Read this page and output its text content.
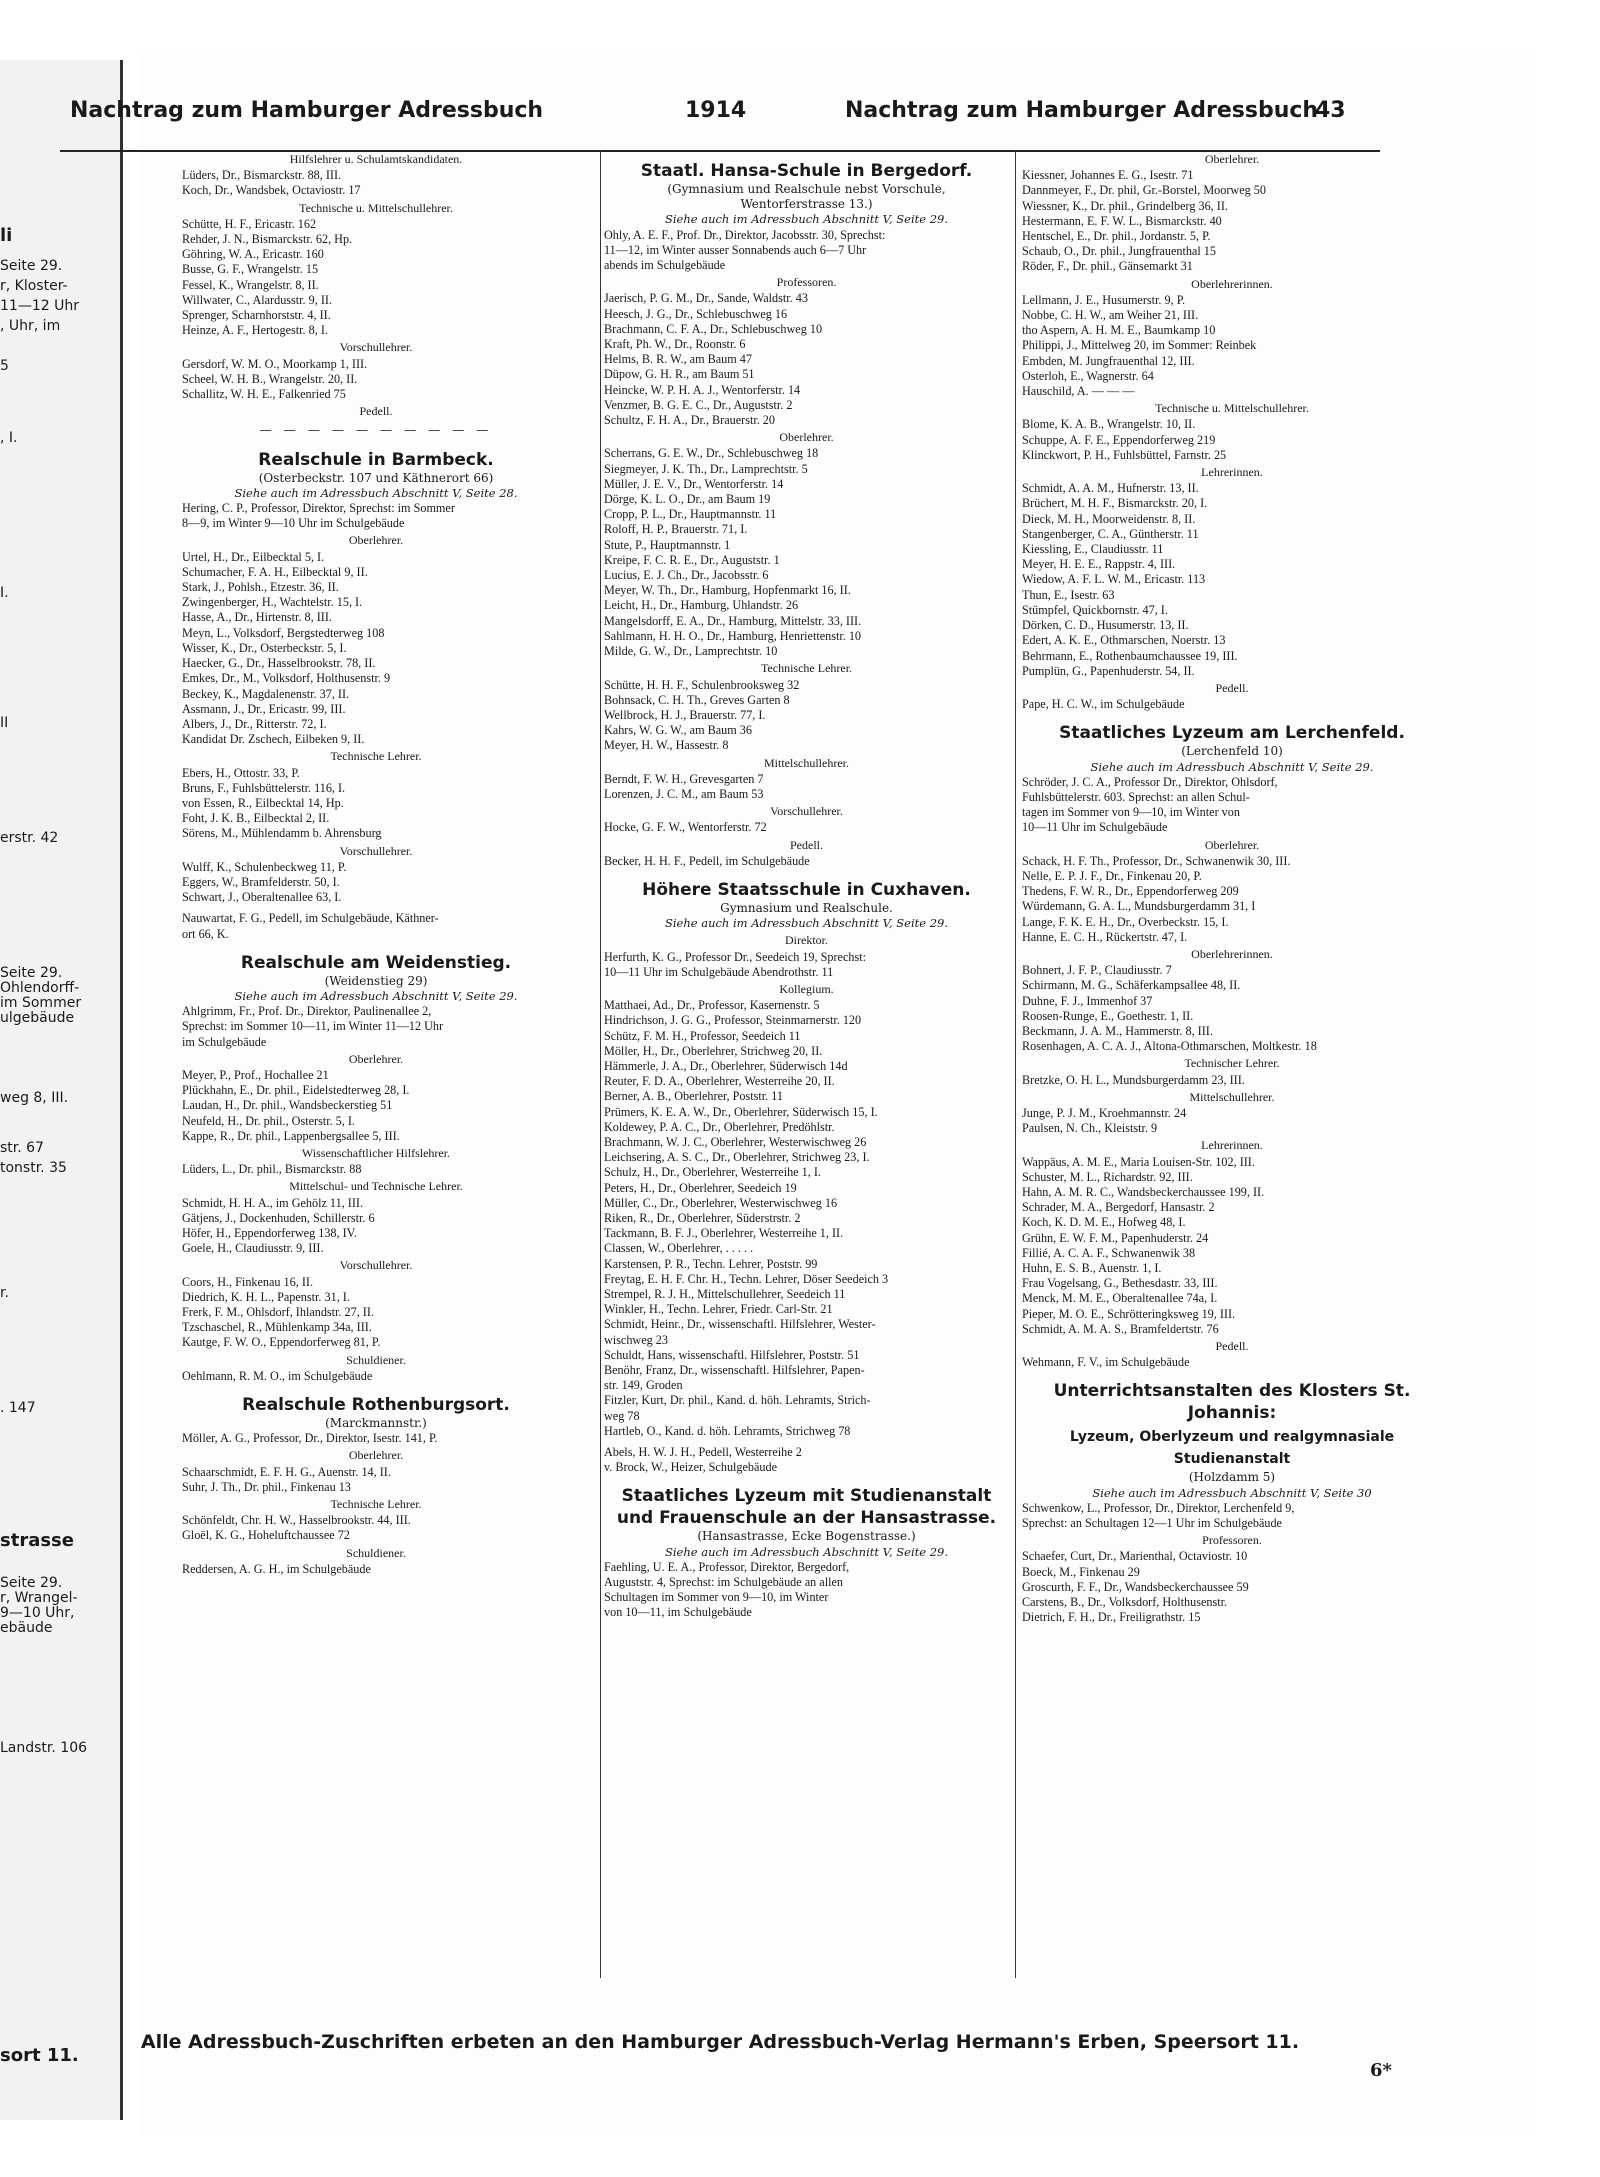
li
Seite 29.
r, Kloster-
11—12 Uhr
, Uhr, im
5
, I.
I.
II
erstr. 42
Seite 29.
Ohlendorff-
im Sommer
ulgebäude
weg 8, III.
str. 67
tonstr. 35
r.
. 147
strasse
Seite 29.
r, Wrangel-
9—10 Uhr,
ebäude
Landstr. 106
sort 11.
Nachtrag zum Hamburger Adressbuch	1914	Nachtrag zum Hamburger Adressbuch
43
Hilfslehrer u. Schulamtskandidaten.
Lüders, Dr., Bismarckstr. 88, III.
Koch, Dr., Wandsbek, Octaviostr. 17
Technische u. Mittelschullehrer.
Schütte, H. F., Ericastr. 162
Rehder, J. N., Bismarckstr. 62, Hp.
Göhring, W. A., Ericastr. 160
Busse, G. F., Wrangelstr. 15
Fessel, K., Wrangelstr. 8, II.
Willwater, C., Alardusstr. 9, II.
Sprenger, Scharnhorststr. 4, II.
Heinze, A. F., Hertogestr. 8, I.
Vorschullehrer.
Gersdorf, W. M. O., Moorkamp 1, III.
Scheel, W. H. B., Wrangelstr. 20, II.
Schallitz, W. H. E., Falkenried 75
Pedell.
— — — — — — — — — —
Realschule in Barmbeck.
(Osterbeckstr. 107 und Käthnerort 66)
Siehe auch im Adressbuch Abschnitt V, Seite 28.
Hering, C. P., Professor, Direktor, Sprechst: im Sommer
8—9, im Winter 9—10 Uhr im Schulgebäude
Oberlehrer.
Urtel, H., Dr., Eilbecktal 5, I.
Schumacher, F. A. H., Eilbecktal 9, II.
Stark, J., Pohlsh., Etzestr. 36, II.
Zwingenberger, H., Wachtelstr. 15, I.
Hasse, A., Dr., Hirtenstr. 8, III.
Meyn, L., Volksdorf, Bergstedterweg 108
Wisser, K., Dr., Osterbeckstr. 5, I.
Haecker, G., Dr., Hasselbrookstr. 78, II.
Emkes, Dr., M., Volksdorf, Holthusenstr. 9
Beckey, K., Magdalenenstr. 37, II.
Assmann, J., Dr., Ericastr. 99, III.
Albers, J., Dr., Ritterstr. 72, I.
Kandidat Dr. Zschech, Eilbeken 9, II.
Technische Lehrer.
Ebers, H., Ottostr. 33, P.
Bruns, F., Fuhlsbüttelerstr. 116, I.
von Essen, R., Eilbecktal 14, Hp.
Foht, J. K. B., Eilbecktal 2, II.
Sörens, M., Mühlendamm b. Ahrensburg
Vorschullehrer.
Wulff, K., Schulenbeckweg 11, P.
Eggers, W., Bramfelderstr. 50, I.
Schwart, J., Oberaltenallee 63, I.
Nauwartat, F. G., Pedell, im Schulgebäude, Käthner-
ort 66, K.
Realschule am Weidenstieg.
(Weidenstieg 29)
Siehe auch im Adressbuch Abschnitt V, Seite 29.
Ahlgrimm, Fr., Prof. Dr., Direktor, Paulinenallee 2,
Sprechst: im Sommer 10—11, im Winter 11—12 Uhr
im Schulgebäude
Oberlehrer.
Meyer, P., Prof., Hochallee 21
Plückhahn, E., Dr. phil., Eidelstedterweg 28, I.
Laudan, H., Dr. phil., Wandsbeckerstieg 51
Neufeld, H., Dr. phil., Osterstr. 5, I.
Kappe, R., Dr. phil., Lappenbergsallee 5, III.
Wissenschaftlicher Hilfslehrer.
Lüders, L., Dr. phil., Bismarckstr. 88
Mittelschul- und Technische Lehrer.
Schmidt, H. H. A., im Gehölz 11, III.
Gätjens, J., Dockenhuden, Schillerstr. 6
Höfer, H., Eppendorferweg 138, IV.
Goele, H., Claudiusstr. 9, III.
Vorschullehrer.
Coors, H., Finkenau 16, II.
Diedrich, K. H. L., Papenstr. 31, I.
Frerk, F. M., Ohlsdorf, Ihlandstr. 27, II.
Tzschaschel, R., Mühlenkamp 34a, III.
Kautge, F. W. O., Eppendorferweg 81, P.
Schuldiener.
Oehlmann, R. M. O., im Schulgebäude
Realschule Rothenburgsort.
(Marckmannstr.)
Möller, A. G., Professor, Dr., Direktor, Isestr. 141, P.
Oberlehrer.
Schaarschmidt, E. F. H. G., Auenstr. 14, II.
Suhr, J. Th., Dr. phil., Finkenau 13
Technische Lehrer.
Schönfeldt, Chr. H. W., Hasselbrookstr. 44, III.
Gloël, K. G., Hoheluftchaussee 72
Schuldiener.
Reddersen, A. G. H., im Schulgebäude
Staatl. Hansa-Schule in Bergedorf.
(Gymnasium und Realschule nebst Vorschule,
Wentorferstrasse 13.)
Siehe auch im Adressbuch Abschnitt V, Seite 29.
Ohly, A. E. F., Prof. Dr., Direktor, Jacobsstr. 30, Sprechst:
11—12, im Winter ausser Sonnabends auch 6—7 Uhr
abends im Schulgebäude
Professoren.
Jaerisch, P. G. M., Dr., Sande, Waldstr. 43
Heesch, J. G., Dr., Schlebuschweg 16
Brachmann, C. F. A., Dr., Schlebuschweg 10
Kraft, Ph. W., Dr., Roonstr. 6
Helms, B. R. W., am Baum 47
Düpow, G. H. R., am Baum 51
Heincke, W. P. H. A. J., Wentorferstr. 14
Venzmer, B. G. E. C., Dr., Auguststr. 2
Schultz, F. H. A., Dr., Brauerstr. 20
Oberlehrer.
Scherrans, G. E. W., Dr., Schlebuschweg 18
Siegmeyer, J. K. Th., Dr., Lamprechtstr. 5
Müller, J. E. V., Dr., Wentorferstr. 14
Dörge, K. L. O., Dr., am Baum 19
Cropp, P. L., Dr., Hauptmannstr. 11
Roloff, H. P., Brauerstr. 71, I.
Stute, P., Hauptmannstr. 1
Kreipe, F. C. R. E., Dr., Auguststr. 1
Lucius, E. J. Ch., Dr., Jacobsstr. 6
Meyer, W. Th., Dr., Hamburg, Hopfenmarkt 16, II.
Leicht, H., Dr., Hamburg, Uhlandstr. 26
Mangelsdorff, E. A., Dr., Hamburg, Mittelstr. 33, III.
Sahlmann, H. H. O., Dr., Hamburg, Henriettenstr. 10
Milde, G. W., Dr., Lamprechtstr. 10
Technische Lehrer.
Schütte, H. H. F., Schulenbrooksweg 32
Bohnsack, C. H. Th., Greves Garten 8
Wellbrock, H. J., Brauerstr. 77, I.
Kahrs, W. G. W., am Baum 36
Meyer, H. W., Hassestr. 8
Mittelschullehrer.
Berndt, F. W. H., Grevesgarten 7
Lorenzen, J. C. M., am Baum 53
Vorschullehrer.
Hocke, G. F. W., Wentorferstr. 72
Pedell.
Becker, H. H. F., Pedell, im Schulgebäude
Höhere Staatsschule in Cuxhaven.
Gymnasium und Realschule.
Siehe auch im Adressbuch Abschnitt V, Seite 29.
Direktor.
Herfurth, K. G., Professor Dr., Seedeich 19, Sprechst:
10—11 Uhr im Schulgebäude Abendrothstr. 11
Kollegium.
Matthaei, Ad., Dr., Professor, Kasernenstr. 5
Hindrichson, J. G. G., Professor, Steinmarnerstr. 120
Schütz, F. M. H., Professor, Seedeich 11
Möller, H., Dr., Oberlehrer, Strichweg 20, II.
Hämmerle, J. A., Dr., Oberlehrer, Süderwisch 14d
Reuter, F. D. A., Oberlehrer, Westerreihe 20, II.
Berner, A. B., Oberlehrer, Poststr. 11
Prümers, K. E. A. W., Dr., Oberlehrer, Süderwisch 15, I.
Koldewey, P. A. C., Dr., Oberlehrer, Predöhlstr.
Brachmann, W. J. C., Oberlehrer, Westerwischweg 26
Leichsering, A. S. C., Dr., Oberlehrer, Strichweg 23, I.
Schulz, H., Dr., Oberlehrer, Westerreihe 1, I.
Peters, H., Dr., Oberlehrer, Seedeich 19
Müller, C., Dr., Oberlehrer, Westerwischweg 16
Riken, R., Dr., Oberlehrer, Süderstrstr. 2
Tackmann, B. F. J., Oberlehrer, Westerreihe 1, II.
Classen, W., Oberlehrer, . . . . .
Karstensen, P. R., Techn. Lehrer, Poststr. 99
Freytag, E. H. F. Chr. H., Techn. Lehrer, Döser Seedeich 3
Strempel, R. J. H., Mittelschullehrer, Seedeich 11
Winkler, H., Techn. Lehrer, Friedr. Carl-Str. 21
Schmidt, Heinr., Dr., wissenschaftl. Hilfslehrer, Wester-
wischweg 23
Schuldt, Hans, wissenschaftl. Hilfslehrer, Poststr. 51
Benöhr, Franz, Dr., wissenschaftl. Hilfslehrer, Papen-
str. 149, Groden
Fitzler, Kurt, Dr. phil., Kand. d. höh. Lehramts, Strich-
weg 78
Hartleb, O., Kand. d. höh. Lehramts, Strichweg 78
Abels, H. W. J. H., Pedell, Westerreihe 2
v. Brock, W., Heizer, Schulgebäude
Staatliches Lyzeum mit Studienanstalt und Frauenschule an der Hansastrasse.
(Hansastrasse, Ecke Bogenstrasse.)
Siehe auch im Adressbuch Abschnitt V, Seite 29.
Faehling, U. E. A., Professor, Direktor, Bergedorf,
Auguststr. 4, Sprechst: im Schulgebäude an allen
Schultagen im Sommer von 9—10, im Winter
von 10—11, im Schulgebäude
Oberlehrer.
Kiessner, Johannes E. G., Isestr. 71
Dannmeyer, F., Dr. phil, Gr.-Borstel, Moorweg 50
Wiessner, K., Dr. phil., Grindelberg 36, II.
Hestermann, E. F. W. L., Bismarckstr. 40
Hentschel, E., Dr. phil., Jordanstr. 5, P.
Schaub, O., Dr. phil., Jungfrauenthal 15
Röder, F., Dr. phil., Gänsemarkt 31
Oberlehrerinnen.
Lellmann, J. E., Husumerstr. 9, P.
Nobbe, C. H. W., am Weiher 21, III.
tho Aspern, A. H. M. E., Baumkamp 10
Philippi, J., Mittelweg 20, im Sommer: Reinbek
Embden, M. Jungfrauenthal 12, III.
Osterloh, E., Wagnerstr. 64
Hauschild, A. — — —
Technische u. Mittelschullehrer.
Blome, K. A. B., Wrangelstr. 10, II.
Schuppe, A. F. E., Eppendorferweg 219
Klinckwort, P. H., Fuhlsbüttel, Farnstr. 25
Lehrerinnen.
Schmidt, A. A. M., Hufnerstr. 13, II.
Brüchert, M. H. F., Bismarckstr. 20, I.
Dieck, M. H., Moorweidenstr. 8, II.
Stangenberger, C. A., Güntherstr. 11
Kiessling, E., Claudiusstr. 11
Meyer, H. E. E., Rappstr. 4, III.
Wiedow, A. F. L. W. M., Ericastr. 113
Thun, E., Isestr. 63
Stümpfel, Quickbornstr. 47, I.
Dörken, C. D., Husumerstr. 13, II.
Edert, A. K. E., Othmarschen, Noerstr. 13
Behrmann, E., Rothenbaumchaussee 19, III.
Pumplün, G., Papenhuderstr. 54, II.
Pedell.
Pape, H. C. W., im Schulgebäude
Staatliches Lyzeum am Lerchenfeld.
(Lerchenfeld 10)
Siehe auch im Adressbuch Abschnitt V, Seite 29.
Schröder, J. C. A., Professor Dr., Direktor, Ohlsdorf,
Fuhlsbüttelerstr. 603. Sprechst: an allen Schul-
tagen im Sommer von 9—10, im Winter von
10—11 Uhr im Schulgebäude
Oberlehrer.
Schack, H. F. Th., Professor, Dr., Schwanenwik 30, III.
Nelle, E. P. J. F., Dr., Finkenau 20, P.
Thedens, F. W. R., Dr., Eppendorferweg 209
Würdemann, G. A. L., Mundsburgerdamm 31, I
Lange, F. K. E. H., Dr., Overbeckstr. 15, I.
Hanne, E. C. H., Rückertstr. 47, I.
Oberlehrerinnen.
Bohnert, J. F. P., Claudiusstr. 7
Schirmann, M. G., Schäferkampsallee 48, II.
Duhne, F. J., Immenhof 37
Roosen-Runge, E., Goethestr. 1, II.
Beckmann, J. A. M., Hammerstr. 8, III.
Rosenhagen, A. C. A. J., Altona-Othmarschen, Moltkestr. 18
Technischer Lehrer.
Bretzke, O. H. L., Mundsburgerdamm 23, III.
Mittelschullehrer.
Junge, P. J. M., Kroehmannstr. 24
Paulsen, N. Ch., Kleiststr. 9
Lehrerinnen.
Wappäus, A. M. E., Maria Louisen-Str. 102, III.
Schuster, M. L., Richardstr. 92, III.
Hahn, A. M. R. C., Wandsbeckerchaussee 199, II.
Schrader, M. A., Bergedorf, Hansastr. 2
Koch, K. D. M. E., Hofweg 48, I.
Grühn, E. W. F. M., Papenhuderstr. 24
Fillié, A. C. A. F., Schwanenwik 38
Huhn, E. S. B., Auenstr. 1, I.
Frau Vogelsang, G., Bethesdastr. 33, III.
Menck, M. M. E., Oberaltenallee 74a, I.
Pieper, M. O. E., Schrötteringksweg 19, III.
Schmidt, A. M. A. S., Bramfeldertstr. 76
Pedell.
Wehmann, F. V., im Schulgebäude
Unterrichtsanstalten des Klosters St. Johannis:
Lyzeum, Oberlyzeum und realgymnasiale Studienanstalt
(Holzdamm 5)
Siehe auch im Adressbuch Abschnitt V, Seite 30
Schwenkow, L., Professor, Dr., Direktor, Lerchenfeld 9,
Sprechst: an Schultagen 12—1 Uhr im Schulgebäude
Professoren.
Schaefer, Curt, Dr., Marienthal, Octaviostr. 10
Boeck, M., Finkenau 29
Groscurth, F. F., Dr., Wandsbeckerchaussee 59
Carstens, B., Dr., Volksdorf, Holthusenstr.
Dietrich, F. H., Dr., Freiligrathstr. 15
Alle Adressbuch-Zuschriften erbeten an den Hamburger Adressbuch-Verlag Hermann's Erben, Speersort 11.
6*
